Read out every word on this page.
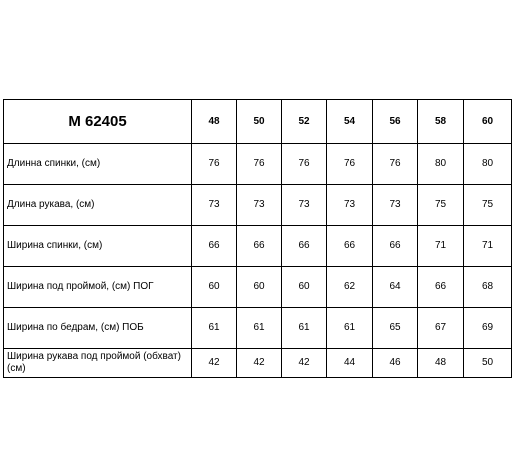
М 62405	48	50	52	54	56	58	60
Длинна спинки, (см)	76	76	76	76	76	80	80
Длина рукава, (см)	73	73	73	73	73	75	75
Ширина спинки, (см)	66	66	66	66	66	71	71
Ширина под проймой, (см) ПОГ	60	60	60	62	64	66	68
Ширина по бедрам, (см) ПОБ	61	61	61	61	65	67	69
Ширина рукава под проймой (обхват) (см)	42	42	42	44	46	48	50
